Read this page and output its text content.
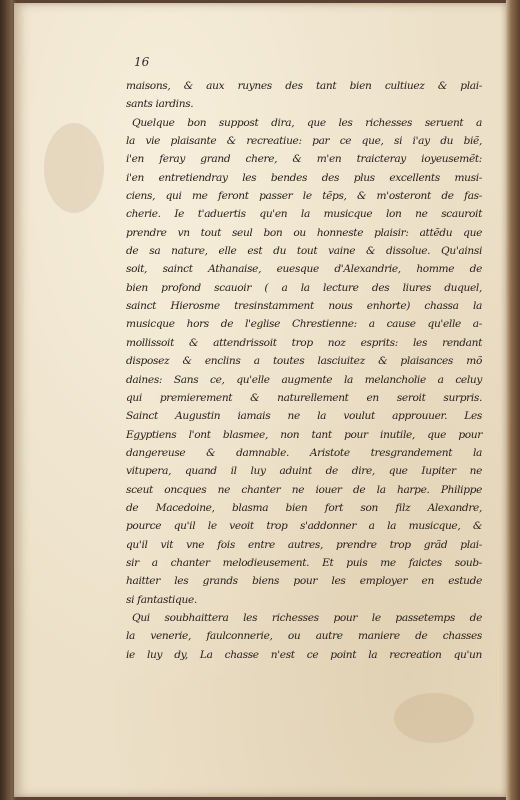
16
maisons, & aux ruynes des tant bien cultiuez & plai-
sants iardins.
Quelque bon suppost dira, que les richesses seruent a
la vie plaisante & recreatiue: par ce que, si i'ay du biẽ,
i'en feray grand chere, & m'en traicteray ioyeusemẽt:
i'en entretiendray les bendes des plus excellents musi-
ciens, qui me feront passer le tẽps, & m'osteront de fas-
cherie. Ie t'aduertis qu'en la musicque lon ne scauroit
prendre vn tout seul bon ou honneste plaisir: attẽdu que
de sa nature, elle est du tout vaine & dissolue. Qu'ainsi
soit, sainct Athanaise, euesque d'Alexandrie, homme de
bien profond scauoir ( a la lecture des liures duquel,
sainct Hierosme tresinstamment nous enhorte) chassa la
musicque hors de l'eglise Chrestienne: a cause qu'elle a-
mollissoit & attendrissoit trop noz esprits: les rendant
disposez & enclins a toutes lasciuitez & plaisances mõ
daines: Sans ce, qu'elle augmente la melancholie a celuy
qui premierement & naturellement en seroit surpris.
Sainct Augustin iamais ne la voulut approuuer. Les
Egyptiens l'ont blasmee, non tant pour inutile, que pour
dangereuse & damnable. Aristote tresgrandement la
vitupera, quand il luy aduint de dire, que Iupiter ne
sceut oncques ne chanter ne iouer de la harpe. Philippe
de Macedoine, blasma bien fort son filz Alexandre,
pource qu'il le veoit trop s'addonner a la musicque, &
qu'il vit vne fois entre autres, prendre trop grãd plai-
sir a chanter melodieusement. Et puis me faictes soub-
haitter les grands biens pour les employer en estude
si fantastique.
Qui soubhaittera les richesses pour le passetemps de
la venerie, faulconnerie, ou autre maniere de chasses
ie luy dy, La chasse n'est ce point la recreation qu'un
